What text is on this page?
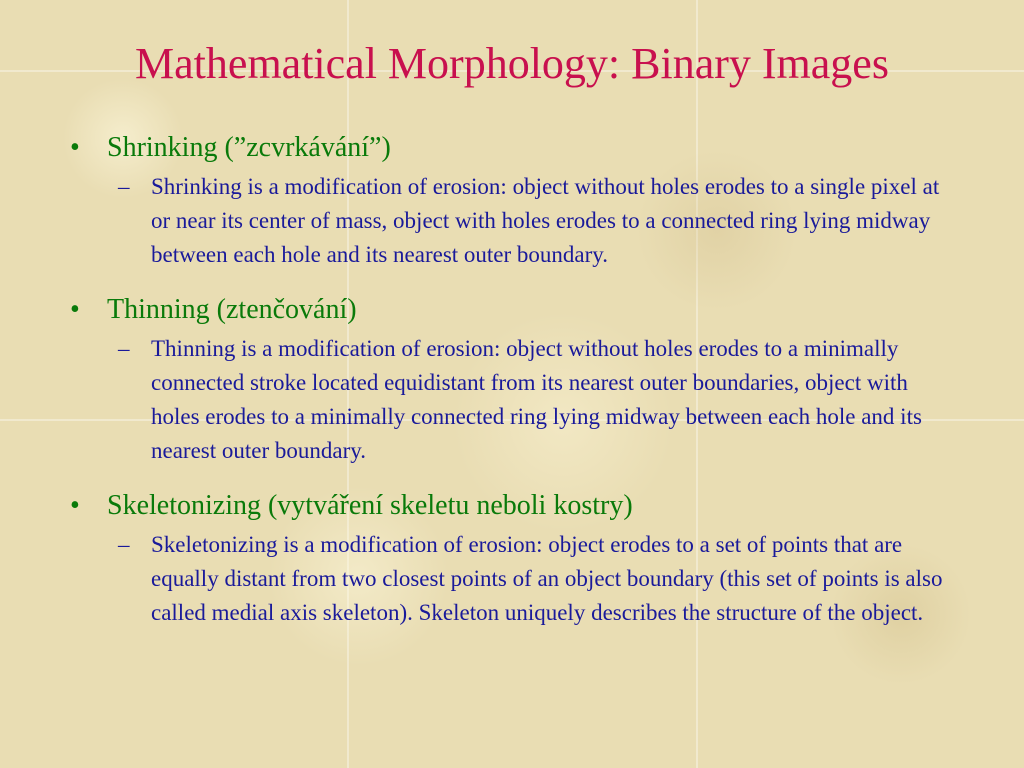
Mathematical Morphology: Binary Images
• Shrinking (”zcvrkávání”)
– Shrinking is a modification of erosion: object without holes erodes to a single pixel at or near its center of mass, object with holes erodes to a connected ring lying midway between each hole and its nearest outer boundary.
• Thinning (ztenčování)
– Thinning is a modification of erosion: object without holes erodes to a minimally connected stroke located equidistant from its nearest outer boundaries, object with holes erodes to a minimally connected ring lying midway between each hole and its nearest outer boundary.
• Skeletonizing (vytváření skeletu neboli kostry)
– Skeletonizing is a modification of erosion: object erodes to a set of points that are equally distant from two closest points of an object boundary (this set of points is also called medial axis skeleton). Skeleton uniquely describes the structure of the object.
